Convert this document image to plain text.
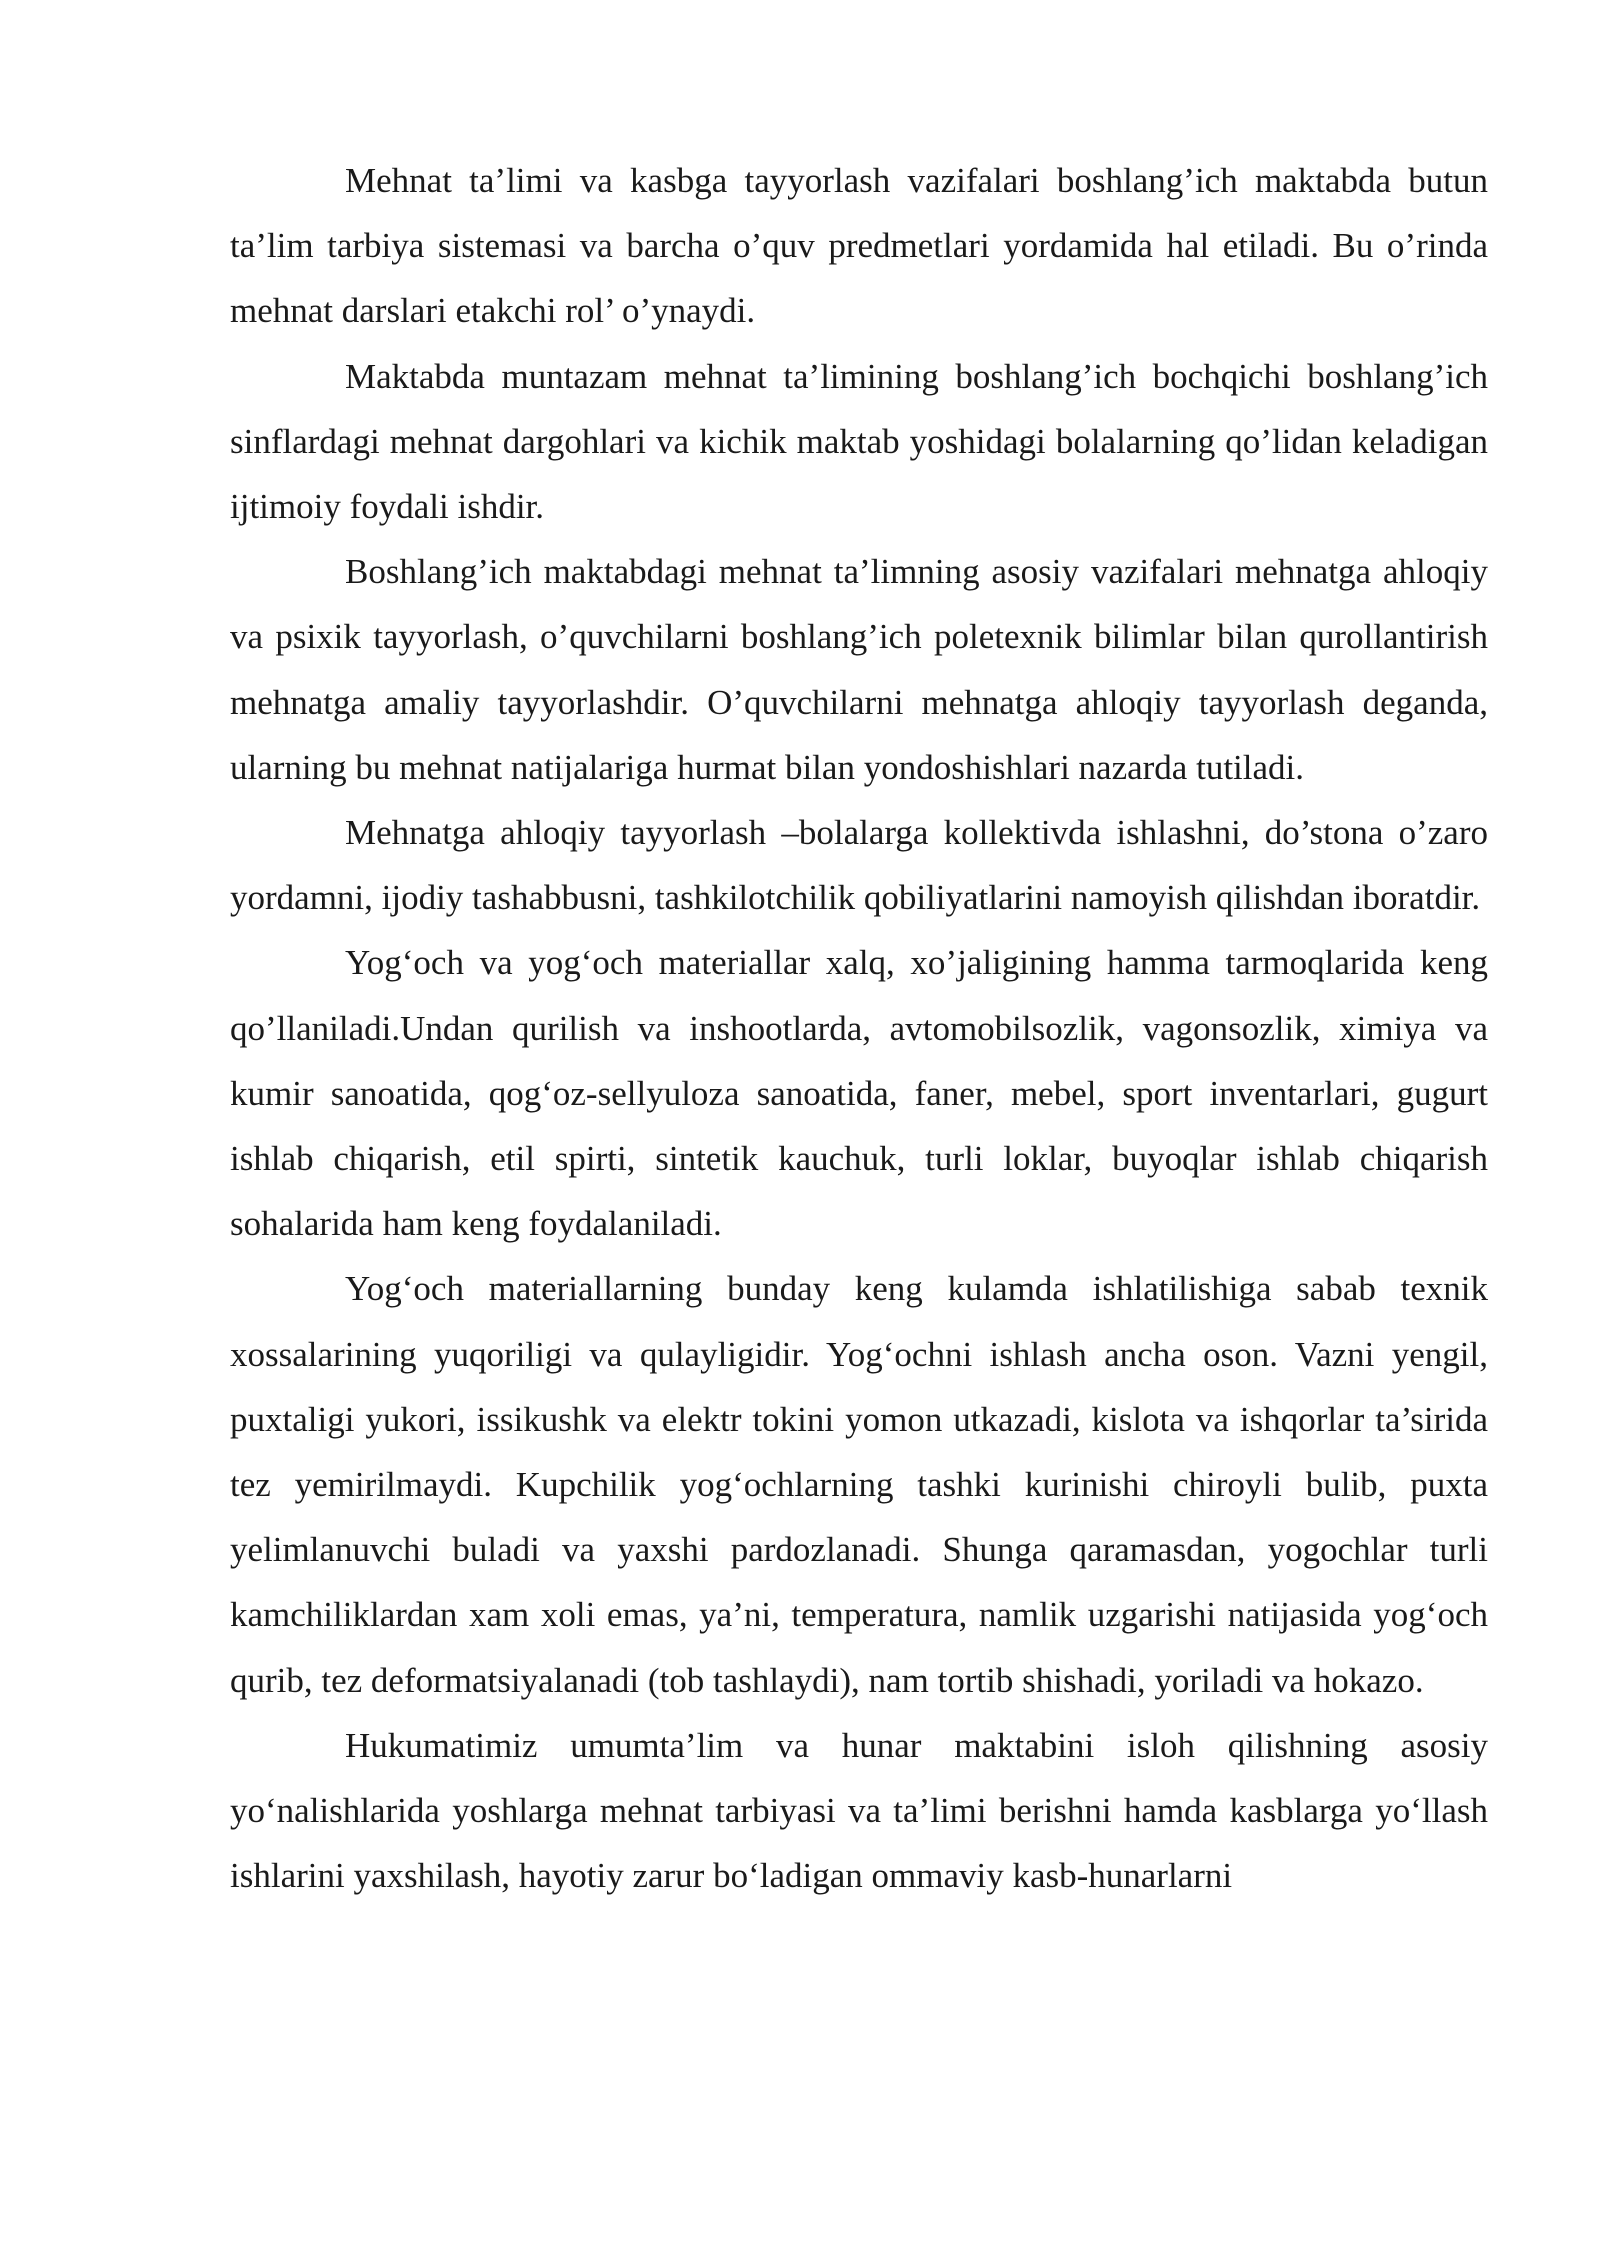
Mehnat ta’limi va kasbga tayyorlash vazifalari boshlang’ich maktabda butun ta’lim tarbiya sistemasi va barcha o’quv predmetlari yordamida hal etiladi. Bu o’rinda mehnat darslari etakchi rol’ o’ynaydi.

Maktabda muntazam mehnat ta’limining boshlang’ich bochqichi boshlang’ich sinflardagi mehnat dargohlari va kichik maktab yoshidagi bolalarning qo’lidan keladigan ijtimoiy foydali ishdir.

Boshlang’ich maktabdagi mehnat ta’limning asosiy vazifalari mehnatga ahloqiy va psixik tayyorlash, o’quvchilarni boshlang’ich poletexnik bilimlar bilan qurollantirish mehnatga amaliy tayyorlashdir. O’quvchilarni mehnatga ahloqiy tayyorlash deganda, ularning bu mehnat natijalariga hurmat bilan yondoshishlari nazarda tutiladi.

Mehnatga ahloqiy tayyorlash –bolalarga kollektivda ishlashni, do’stona o’zaro yordamni, ijodiy tashabbusni, tashkilotchilik qobiliyatlarini namoyish qilishdan iboratdir.

Yog‘och va yog‘och materiallar xalq, xo’jaligining hamma tarmoqlarida keng qo’llaniladi.Undan qurilish va inshootlarda, avtomobilsozlik, vagonsozlik, ximiya va kumir sanoatida, qog‘oz-sellyuloza sanoatida, faner, mebel, sport inventarlari, gugurt ishlab chiqarish, etil spirti, sintetik kauchuk, turli loklar, buyoqlar ishlab chiqarish sohalarida ham keng foydalaniladi.

Yog‘och materiallarning bunday keng kulamda ishlatilishiga sabab texnik xossalarining yuqoriligi va qulayligidir. Yog‘ochni ishlash ancha oson. Vazni yengil, puxtaligi yukori, issikushk va elektr tokini yomon utkazadi, kislota va ishqorlar ta’sirida tez yemirilmaydi. Kupchilik yog‘ochlarning tashki kurinishi chiroyli bulib, puxta yelimlanuvchi buladi va yaxshi pardozlanadi. Shunga qaramasdan, yogochlar turli kamchiliklardan xam xoli emas, ya’ni, temperatura, namlik uzgarishi natijasida yog‘och qurib, tez deformatsiyalanadi (tob tashlaydi), nam tortib shishadi, yoriladi va hokazo.

Hukumatimiz umumta’lim va hunar maktabini isloh qilishning asosiy yo‘nalishlarida yoshlarga mehnat tarbiyasi va ta’limi berishni hamda kasblarga yo‘llash ishlarini yaxshilash, hayotiy zarur bo‘ladigan ommaviy kasb-hunarlarni
